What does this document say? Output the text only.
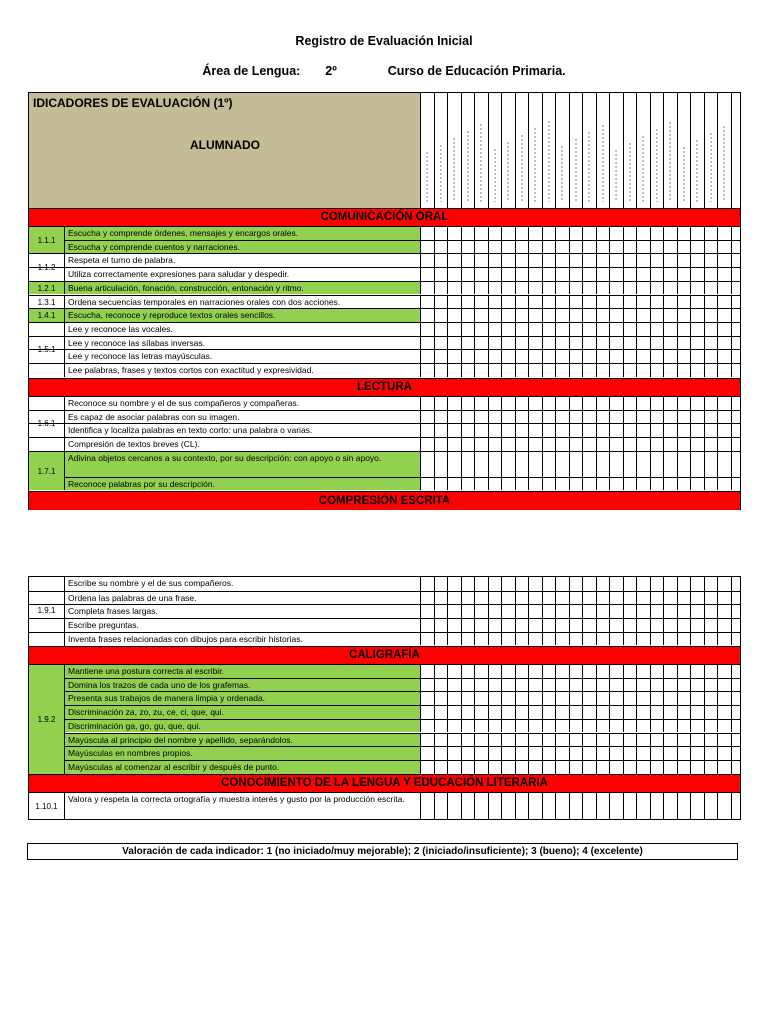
Registro de Evaluación Inicial
Área de Lengua: 2º	Curso de Educación Primaria.
IDICADORES DE EVALUACIÓN (1º)
ALUMNADO
COMUNICACIÓN ORAL
Escucha y comprende órdenes, mensajes y encargos orales.
Escucha y comprende cuentos y narraciones.
Respeta el turno de palabra.
Utiliza correctamente expresiones para saludar y despedir.
Buena articulación, fonación, construcción, entonación y ritmo.
Ordena secuencias temporales en narraciones orales con dos acciones.
Escucha, reconoce y reproduce textos orales sencillos.
Lee y reconoce las vocales.
Lee y reconoce las sílabas inversas.
Lee y reconoce las letras mayúsculas.
Lee palabras, frases y textos cortos con exactitud y expresividad.
1.1.1
1.1.2
1.2.1
1.3.1
1.4.1
1.5.1
LECTURA
Reconoce su nombre y el de sus compañeros y compañeras.
Es capaz de asociar palabras con su imagen.
Identifica y localiza palabras en texto corto: una palabra o varias.
Compresión de textos breves (CL).
Adivina objetos cercanos a su contexto, por su descripción: con apoyo o sin apoyo.
Reconoce palabras por su descripción.
1.6.1
1.7.1
COMPRESIÓN ESCRITA
Escribe su nombre y el de sus compañeros.
Ordena las palabras de una frase.
Completa frases largas.
Escribe preguntas.
Inventa frases relacionadas con dibujos para escribir historias.
1.9.1
CALIGRAFÍA
Mantiene una postura correcta al escribir.
Domina los trazos de cada uno de los grafemas.
Presenta sus trabajos de manera limpia y ordenada.
Discriminación za, zo, zu, ce, ci, que, qui.
Discriminación ga, go, gu, que, qui.
Mayúscula al principio del nombre y apellido, separándolos.
Mayúsculas en nombres propios.
Mayúsculas al comenzar al escribir y después de punto.
1.9.2
CONOCIMIENTO DE LA LENGUA Y EDUCACIÓN LITERARIA
Valora y respeta la correcta ortografía y muestra interés y gusto por la producción escrita.
1.10.1
Valoración de cada indicador: 1 (no iniciado/muy mejorable); 2 (iniciado/insuficiente); 3 (bueno); 4 (excelente)
